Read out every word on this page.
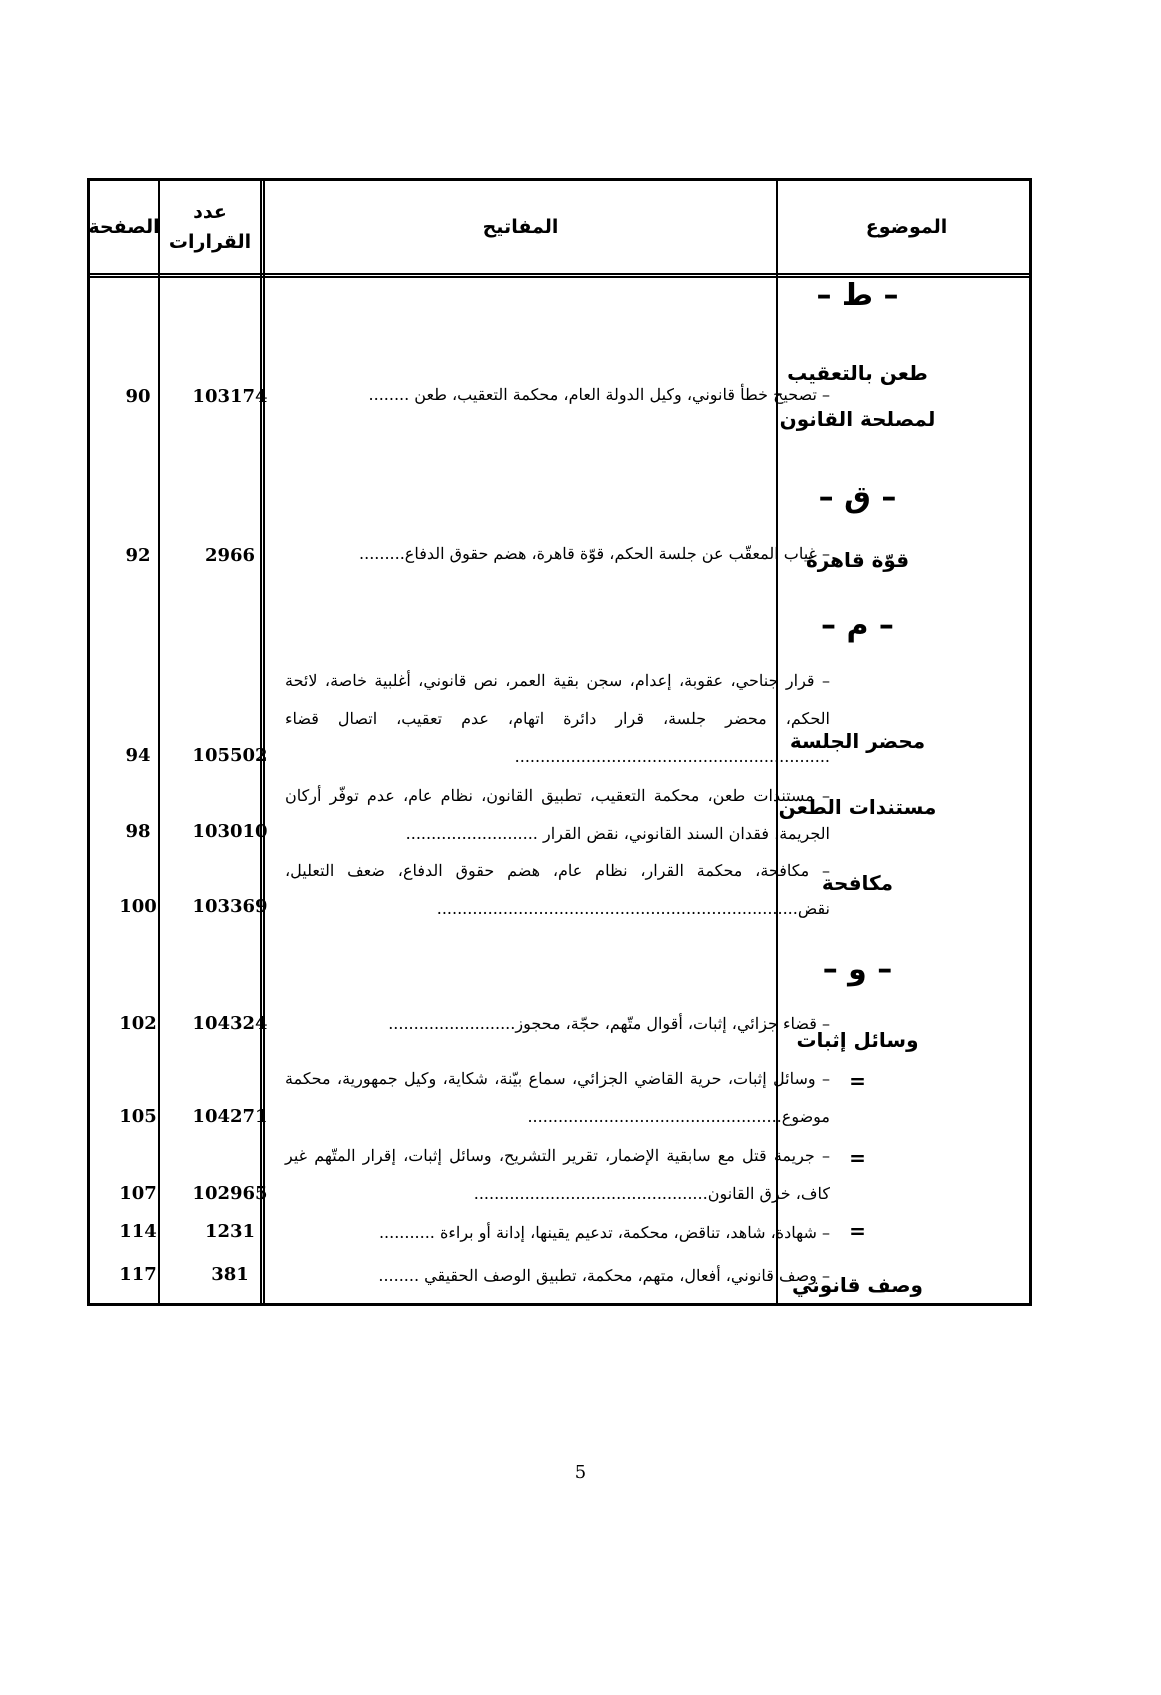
الصفحة
عدد القرارات
المفاتيح	الموضوع
– ط –
– ق –
– م –
– و –
طعن بالتعقيب لمصلحة القانون
قوّة قاهرة
محضر الجلسة
مستندات الطعن
مكافحة
وسائل إثبات
=
=
=
وصف قانوني
– تصحيح خطأ قانوني، وكيل الدولة العام، محكمة التعقيب، طعن ........
– غياب المعقّب عن جلسة الحكم، قوّة قاهرة، هضم حقوق الدفاع.........
– قرار جناحي، عقوبة، إعدام، سجن بقية العمر، نص قانوني، أغلبية خاصة، لائحة الحكم، محضر جلسة، قرار دائرة اتهام، عدم تعقيب، اتصال قضاء ..............................................................
– مستندات طعن، محكمة التعقيب، تطبيق القانون، نظام عام، عدم توفّر أركان الجريمة، فقدان السند القانوني، نقض القرار ..........................
– مكافحة، محكمة القرار، نظام عام، هضم حقوق الدفاع، ضعف التعليل، نقض.......................................................................
– قضاء جزائي، إثبات، أقوال متّهم، حجّة، محجوز.........................
– وسائل إثبات، حرية القاضي الجزائي، سماع بيّنة، شكاية، وكيل جمهورية، محكمة موضوع..................................................
– جريمة قتل مع سابقية الإضمار، تقرير التشريح، وسائل إثبات، إقرار المتّهم غير كاف، خرق القانون..............................................
– شهادة، شاهد، تناقض، محكمة، تدعيم يقينها، إدانة أو براءة ...........
– وصف قانوني، أفعال، متهم، محكمة، تطبيق الوصف الحقيقي ........
103174
2966
105502
103010
103369
104324
104271
102965
1231
381
90
92
94
98
100
102
105
107
114
117
5
